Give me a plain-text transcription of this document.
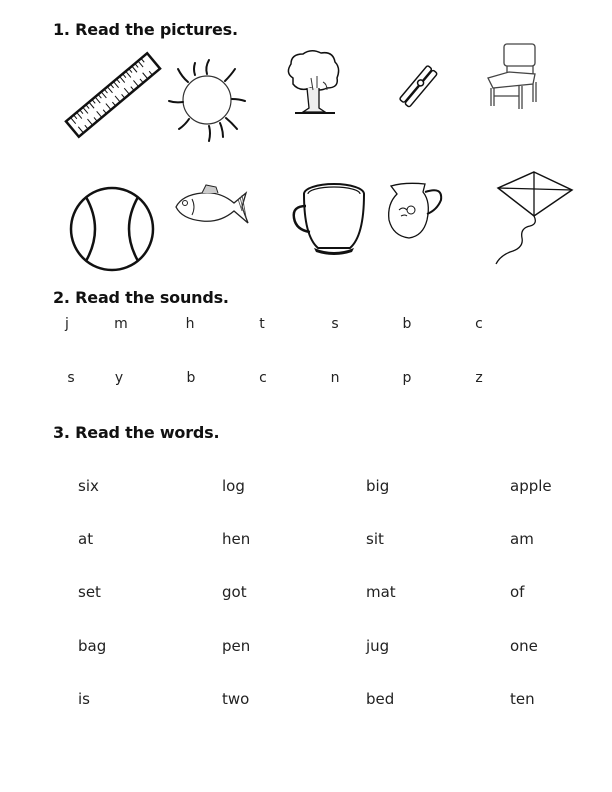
1. Read the pictures.
2. Read the sounds.
j	m	h	t	s	b	c
s	y	b	c	n	p	z
3. Read the words.
six	log	big	apple
at	hen	sit	am
set	got	mat	of
bag	pen	jug	one
is	two	bed	ten
